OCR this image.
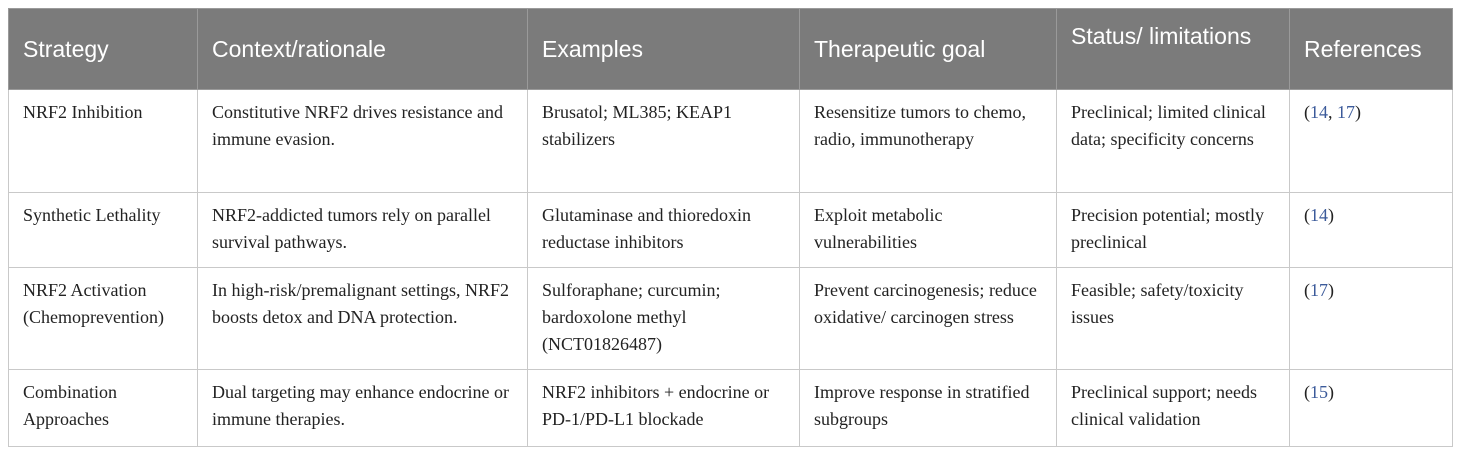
Strategy	Context/rationale	Examples	Therapeutic goal	Status/ limitations	References
NRF2 Inhibition	Constitutive NRF2 drives resistance and immune evasion.	Brusatol; ML385; KEAP1 stabilizers	Resensitize tumors to chemo, radio, immunotherapy	Preclinical; limited clinical data; specificity concerns	(14, 17)
Synthetic Lethality	NRF2-addicted tumors rely on parallel survival pathways.	Glutaminase and thioredoxin reductase inhibitors	Exploit metabolic vulnerabilities	Precision potential; mostly preclinical	(14)
NRF2 Activation (Chemoprevention)	In high-risk/premalignant settings, NRF2 boosts detox and DNA protection.	Sulforaphane; curcumin; bardoxolone methyl (NCT01826487)	Prevent carcinogenesis; reduce oxidative/ carcinogen stress	Feasible; safety/toxicity issues	(17)
Combination Approaches	Dual targeting may enhance endocrine or immune therapies.	NRF2 inhibitors + endocrine or PD-1/PD-L1 blockade	Improve response in stratified subgroups	Preclinical support; needs clinical validation	(15)
